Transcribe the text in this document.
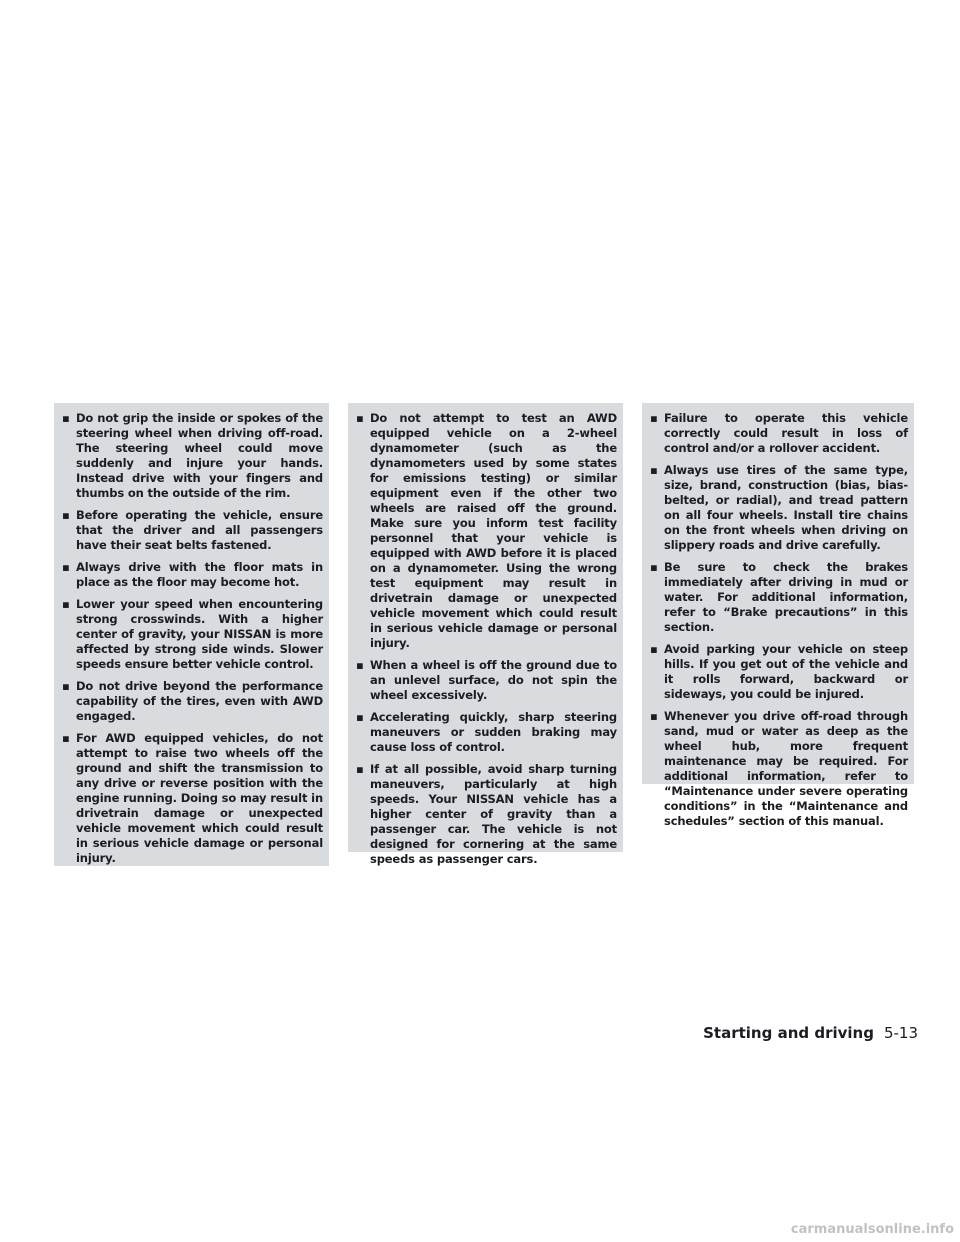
▪ Do not grip the inside or spokes of the steering wheel when driving off-road. The steering wheel could move suddenly and injure your hands. Instead drive with your fingers and thumbs on the outside of the rim.
▪ Before operating the vehicle, ensure that the driver and all passengers have their seat belts fastened.
▪ Always drive with the floor mats in place as the floor may become hot.
▪ Lower your speed when encountering strong crosswinds. With a higher center of gravity, your NISSAN is more affected by strong side winds. Slower speeds ensure better vehicle control.
▪ Do not drive beyond the performance capability of the tires, even with AWD engaged.
▪ For AWD equipped vehicles, do not attempt to raise two wheels off the ground and shift the transmission to any drive or reverse position with the engine running. Doing so may result in drivetrain damage or unexpected vehicle movement which could result in serious vehicle damage or personal injury.
▪ Do not attempt to test an AWD equipped vehicle on a 2-wheel dynamometer (such as the dynamometers used by some states for emissions testing) or similar equipment even if the other two wheels are raised off the ground. Make sure you inform test facility personnel that your vehicle is equipped with AWD before it is placed on a dynamometer. Using the wrong test equipment may result in drivetrain damage or unexpected vehicle movement which could result in serious vehicle damage or personal injury.
▪ When a wheel is off the ground due to an unlevel surface, do not spin the wheel excessively.
▪ Accelerating quickly, sharp steering maneuvers or sudden braking may cause loss of control.
▪ If at all possible, avoid sharp turning maneuvers, particularly at high speeds. Your NISSAN vehicle has a higher center of gravity than a passenger car. The vehicle is not designed for cornering at the same speeds as passenger cars.
▪ Failure to operate this vehicle correctly could result in loss of control and/or a rollover accident.
▪ Always use tires of the same type, size, brand, construction (bias, bias-belted, or radial), and tread pattern on all four wheels. Install tire chains on the front wheels when driving on slippery roads and drive carefully.
▪ Be sure to check the brakes immediately after driving in mud or water. For additional information, refer to “Brake precautions” in this section.
▪ Avoid parking your vehicle on steep hills. If you get out of the vehicle and it rolls forward, backward or sideways, you could be injured.
▪ Whenever you drive off-road through sand, mud or water as deep as the wheel hub, more frequent maintenance may be required. For additional information, refer to “Maintenance under severe operating conditions” in the “Maintenance and schedules” section of this manual.
Starting and driving 5-13
carmanualsonline.info
